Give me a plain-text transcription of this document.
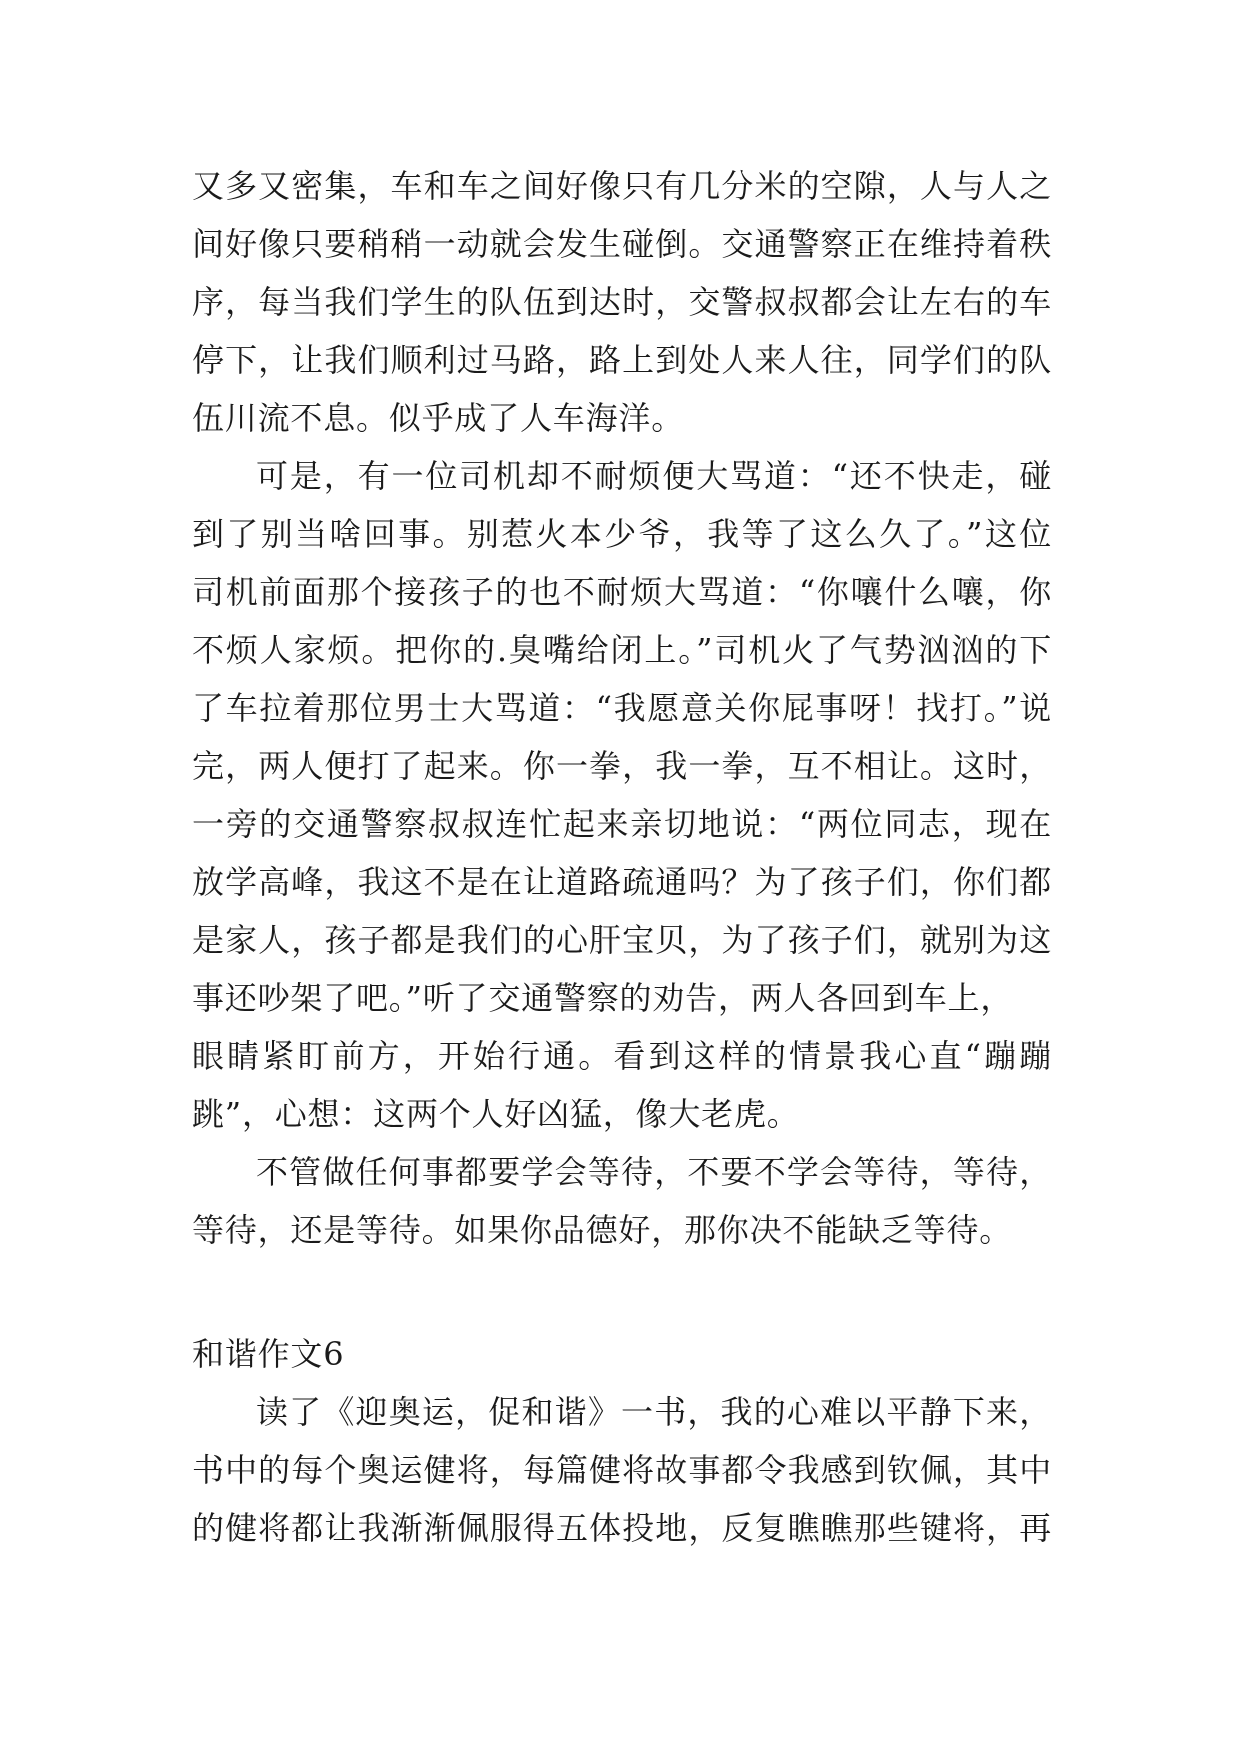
又多又密集，车和车之间好像只有几分米的空隙，人与人之
间好像只要稍稍一动就会发生碰倒。交通警察正在维持着秩
序，每当我们学生的队伍到达时，交警叔叔都会让左右的车
停下，让我们顺利过马路，路上到处人来人往，同学们的队
伍川流不息。似乎成了人车海洋。
可是，有一位司机却不耐烦便大骂道：“还不快走，碰
到了别当啥回事。别惹火本少爷，我等了这么久了。”这位
司机前面那个接孩子的也不耐烦大骂道：“你嚷什么嚷，你
不烦人家烦。把你的.臭嘴给闭上。”司机火了气势汹汹的下
了车拉着那位男士大骂道：“我愿意关你屁事呀！找打。”说
完，两人便打了起来。你一拳，我一拳，互不相让。这时，
一旁的交通警察叔叔连忙起来亲切地说：“两位同志，现在
放学高峰，我这不是在让道路疏通吗？为了孩子们，你们都
是家人，孩子都是我们的心肝宝贝，为了孩子们，就别为这
事还吵架了吧。”听了交通警察的劝告，两人各回到车上，
眼睛紧盯前方，开始行通。看到这样的情景我心直“蹦蹦
跳”，心想：这两个人好凶猛，像大老虎。
不管做任何事都要学会等待，不要不学会等待，等待，
等待，还是等待。如果你品德好，那你决不能缺乏等待。
和谐作文6
读了《迎奥运，促和谐》一书，我的心难以平静下来，
书中的每个奥运健将，每篇健将故事都令我感到钦佩，其中
的健将都让我渐渐佩服得五体投地，反复瞧瞧那些键将，再
